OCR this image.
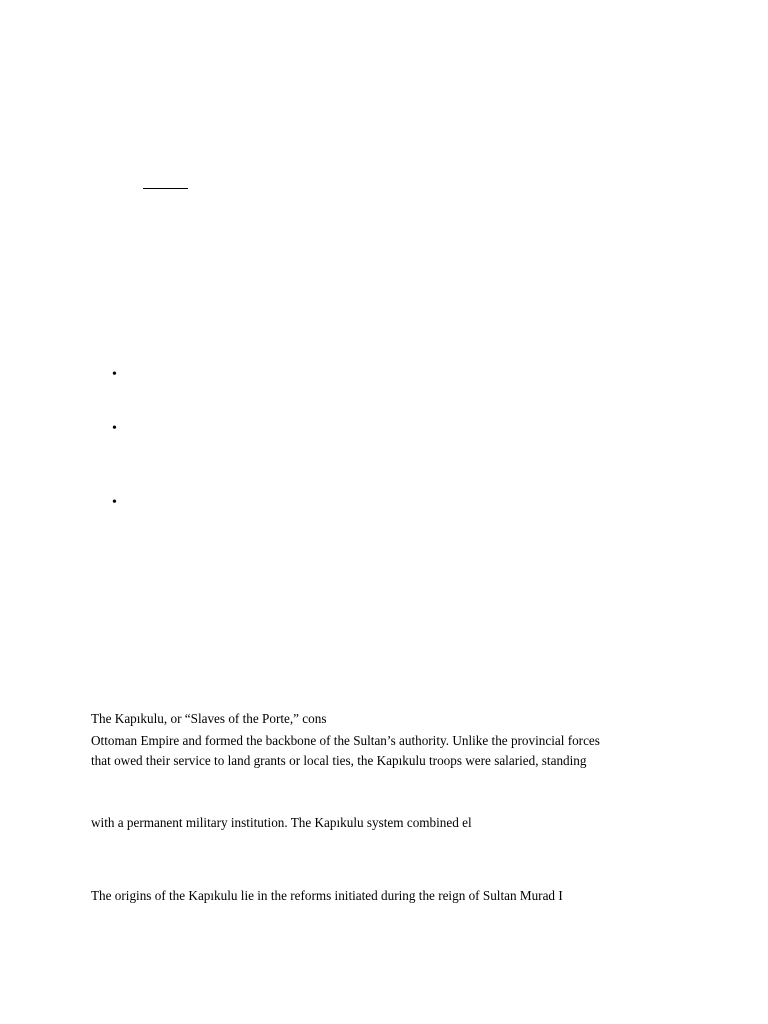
•
•
•
The Kapıkulu, or “Slaves of the Porte,” cons
Ottoman Empire and formed the backbone of the Sultan’s authority. Unlike the provincial forces
that owed their service to land grants or local ties, the Kapıkulu troops were salaried, standing
with a permanent military institution. The Kapıkulu system combined el
The origins of the Kapıkulu lie in the reforms initiated during the reign of Sultan Murad I
